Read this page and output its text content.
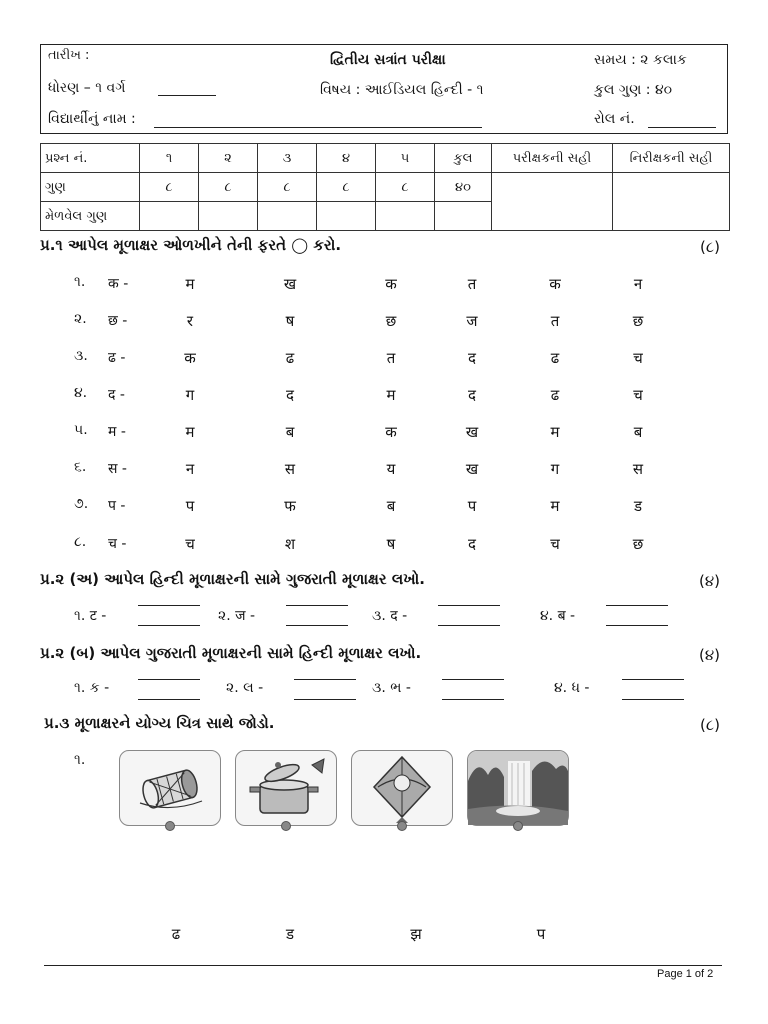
તારીખ :	દ્વિતીય સત્રાંત પરીક્ષા	સમય : ૨ કલાક
ધોરણ – ૧ વર્ગ	વિષય : આઈડિયલ હિન્દી - ૧	કુલ ગુણ : ૪૦
વિદ્યાર્થીનું નામ :	રોલ નં.
પ્રશ્ન નં.	૧	૨	૩	૪	૫	કુલ	પરીક્ષકની સહી	નિરીક્ષકની સહી
ગુણ	૮	૮	૮	૮	૮	૪૦		
મેળવેલ ગુણ								
પ્ર.૧ આપેલ મૂળાક્ષર ઓળખીને તેની ફરતે ◯ કરો.	(૮)
૧. क -	म	ख	क	त	क	न
૨. छ -	र	ष	छ	ज	त	छ
૩. ढ -	क	ढ	त	द	ढ	च
૪. द -	ग	द	म	द	ढ	च
૫. म -	म	ब	क	ख	म	ब
૬. स -	न	स	य	ख	ग	स
૭. प -	प	फ	ब	प	म	ड
૮. च -	च	श	ष	द	च	छ
પ્ર.૨ (અ) આપેલ હિન્દી મૂળાક્ષરની સામે ગુજરાતી મૂળાક્ષર લખો.	(૪)
૧. ट -	૨. ज -	૩. द -	૪. ब -
પ્ર.૨ (બ) આપેલ ગુજરાતી મૂળાક્ષરની સામે હિન્દી મૂળાક્ષર લખો.	(૪)
૧. ક -	૨. લ -	૩. ભ -	૪. ધ -
પ્ર.૩ મૂળાક્ષરને યોગ્ય ચિત્ર સાથે જોડો.	(૮)
૧.
ढ	ड	झ	प
Page 1 of 2
